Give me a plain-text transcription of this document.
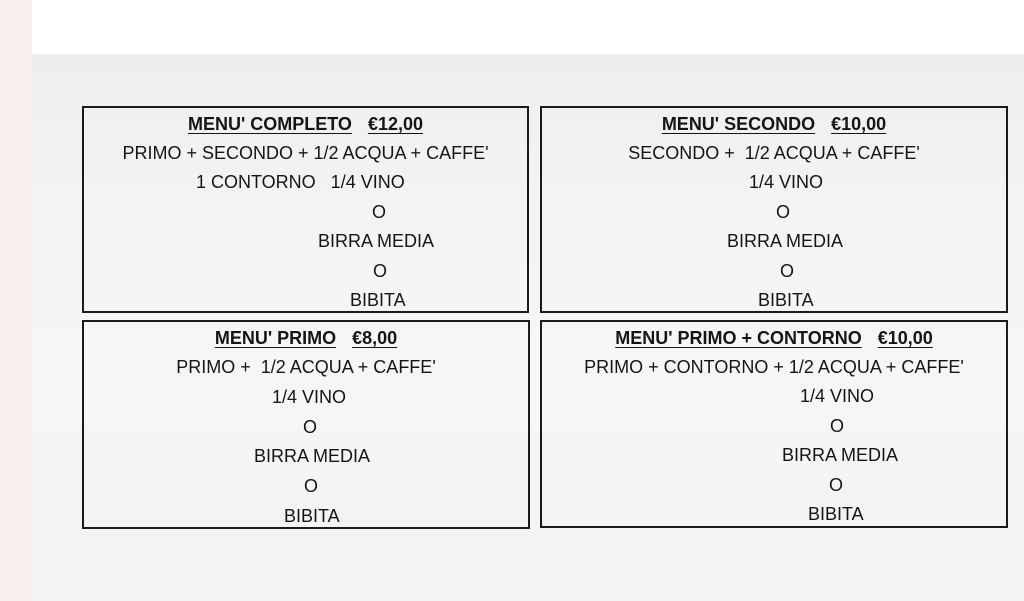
MENU' COMPLETO €12,00
PRIMO + SECONDO + 1/2 ACQUA + CAFFE'
1 CONTORNO   1/4 VINO
O
BIRRA MEDIA
O
BIBITA
MENU' SECONDO €10,00
SECONDO +  1/2 ACQUA + CAFFE'
1/4 VINO
O
BIRRA MEDIA
O
BIBITA
MENU' PRIMO €8,00
PRIMO +  1/2 ACQUA + CAFFE'
1/4 VINO
O
BIRRA MEDIA
O
BIBITA
MENU' PRIMO + CONTORNO €10,00
PRIMO + CONTORNO + 1/2 ACQUA + CAFFE'
1/4 VINO
O
BIRRA MEDIA
O
BIBITA
